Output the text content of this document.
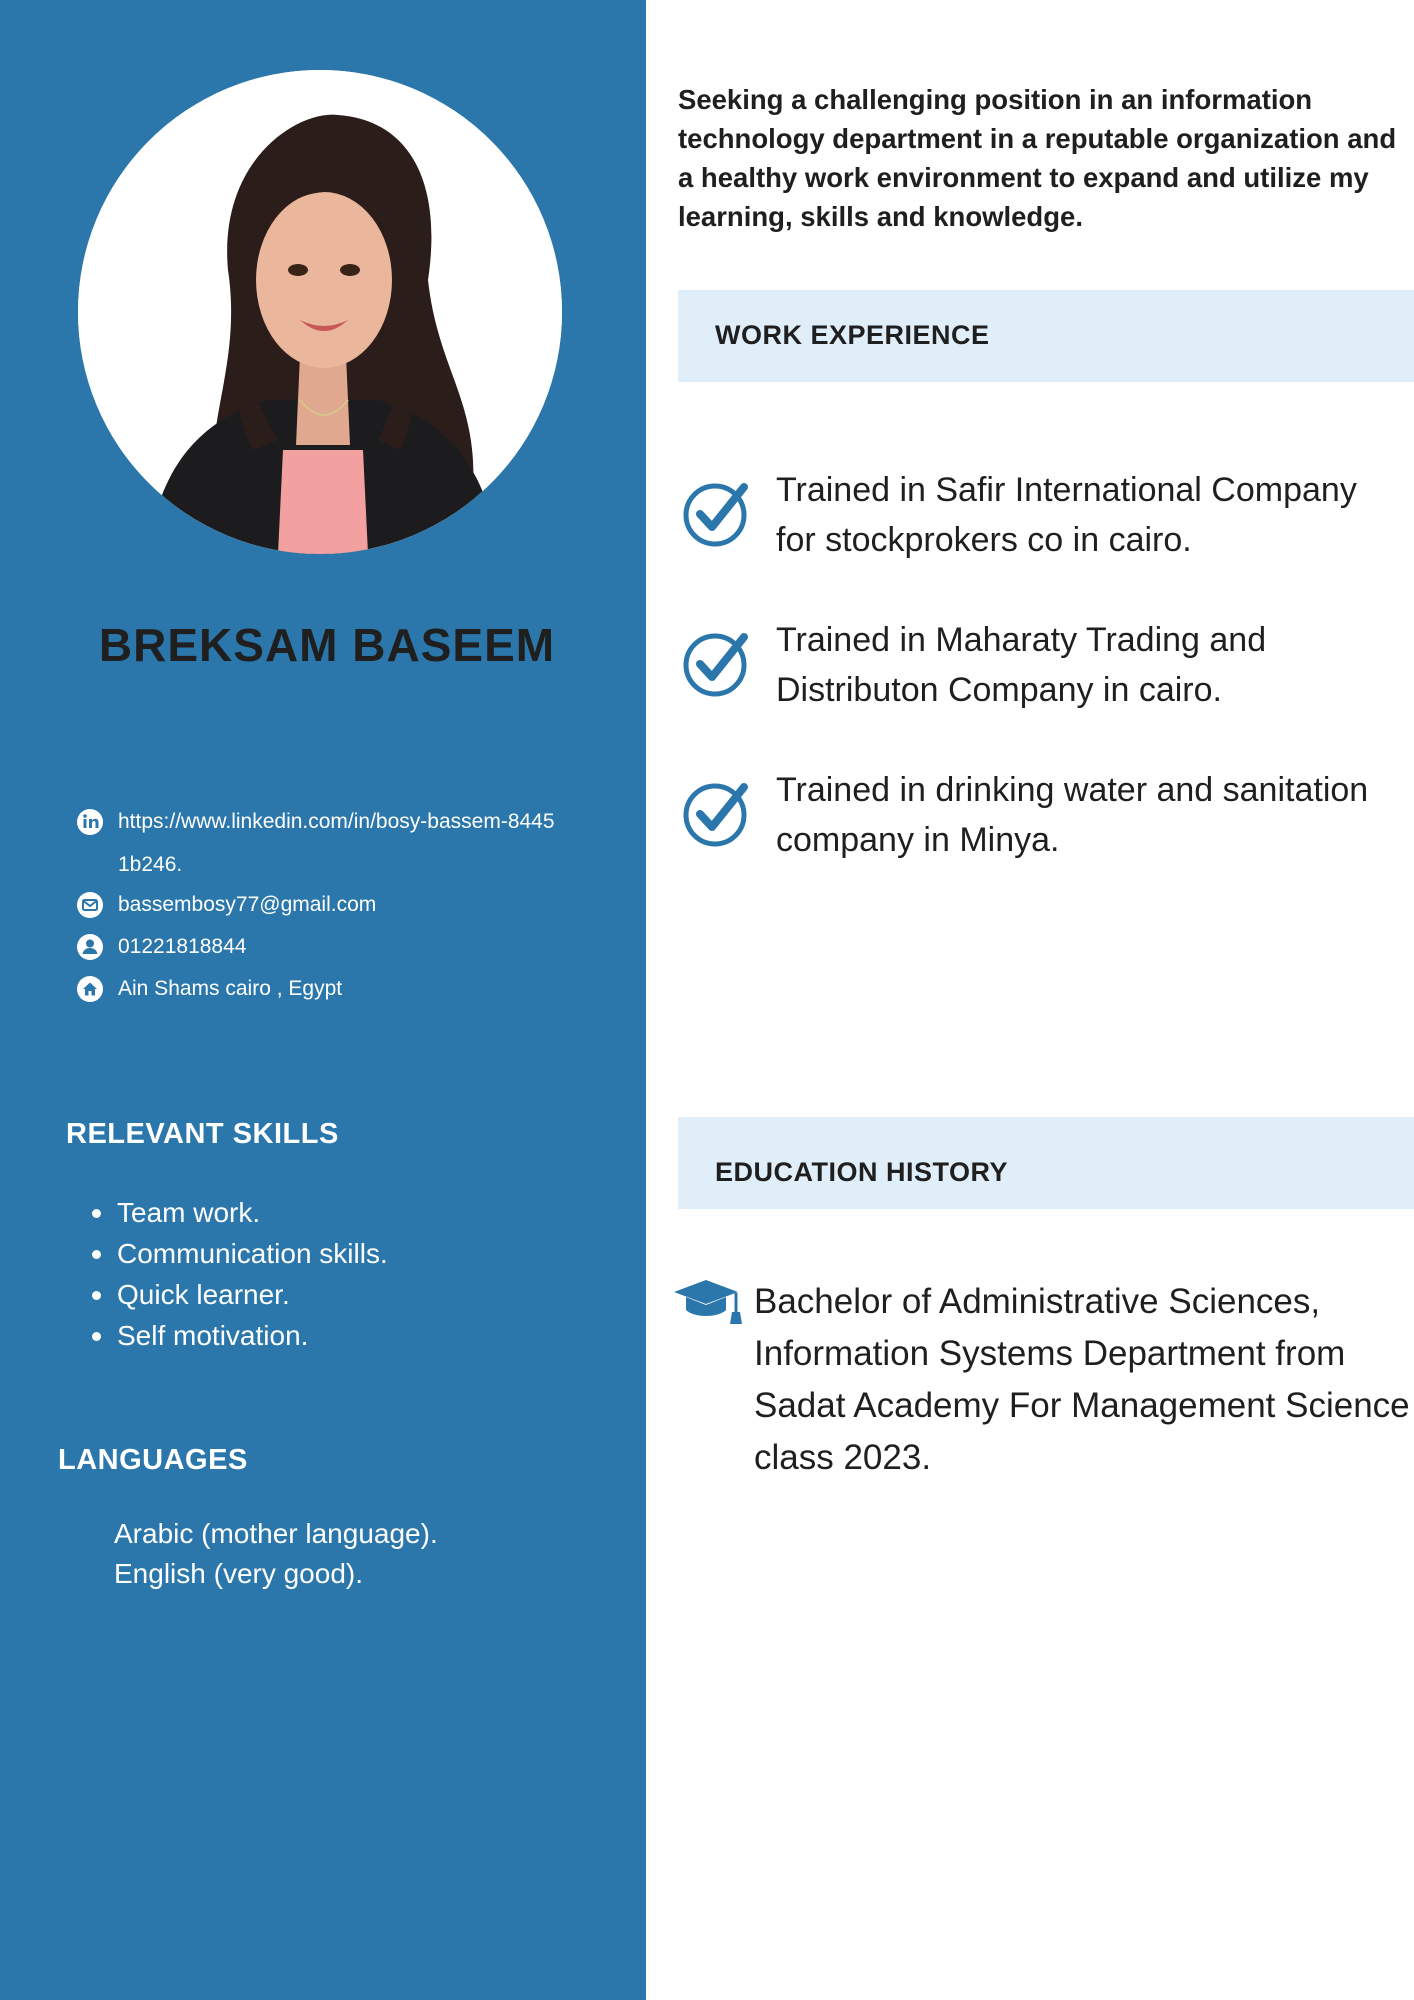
BREKSAM BASEEM
https://www.linkedin.com/in/bosy-bassem-84451b246.
bassembosy77@gmail.com
01221818844
Ain Shams cairo , Egypt
RELEVANT SKILLS
Team work.
Communication skills.
Quick learner.
Self motivation.
LANGUAGES
Arabic (mother language).
English (very good).
Seeking a challenging position in an information technology department in a reputable organization and a healthy work environment to expand and utilize my learning, skills and knowledge.
WORK EXPERIENCE
Trained in Safir International Company for stockprokers co in cairo.
Trained in Maharaty Trading and Distributon Company in cairo.
Trained in drinking water and sanitation company in Minya.
EDUCATION HISTORY
Bachelor of Administrative Sciences, Information Systems Department from Sadat Academy For Management Science class 2023.
